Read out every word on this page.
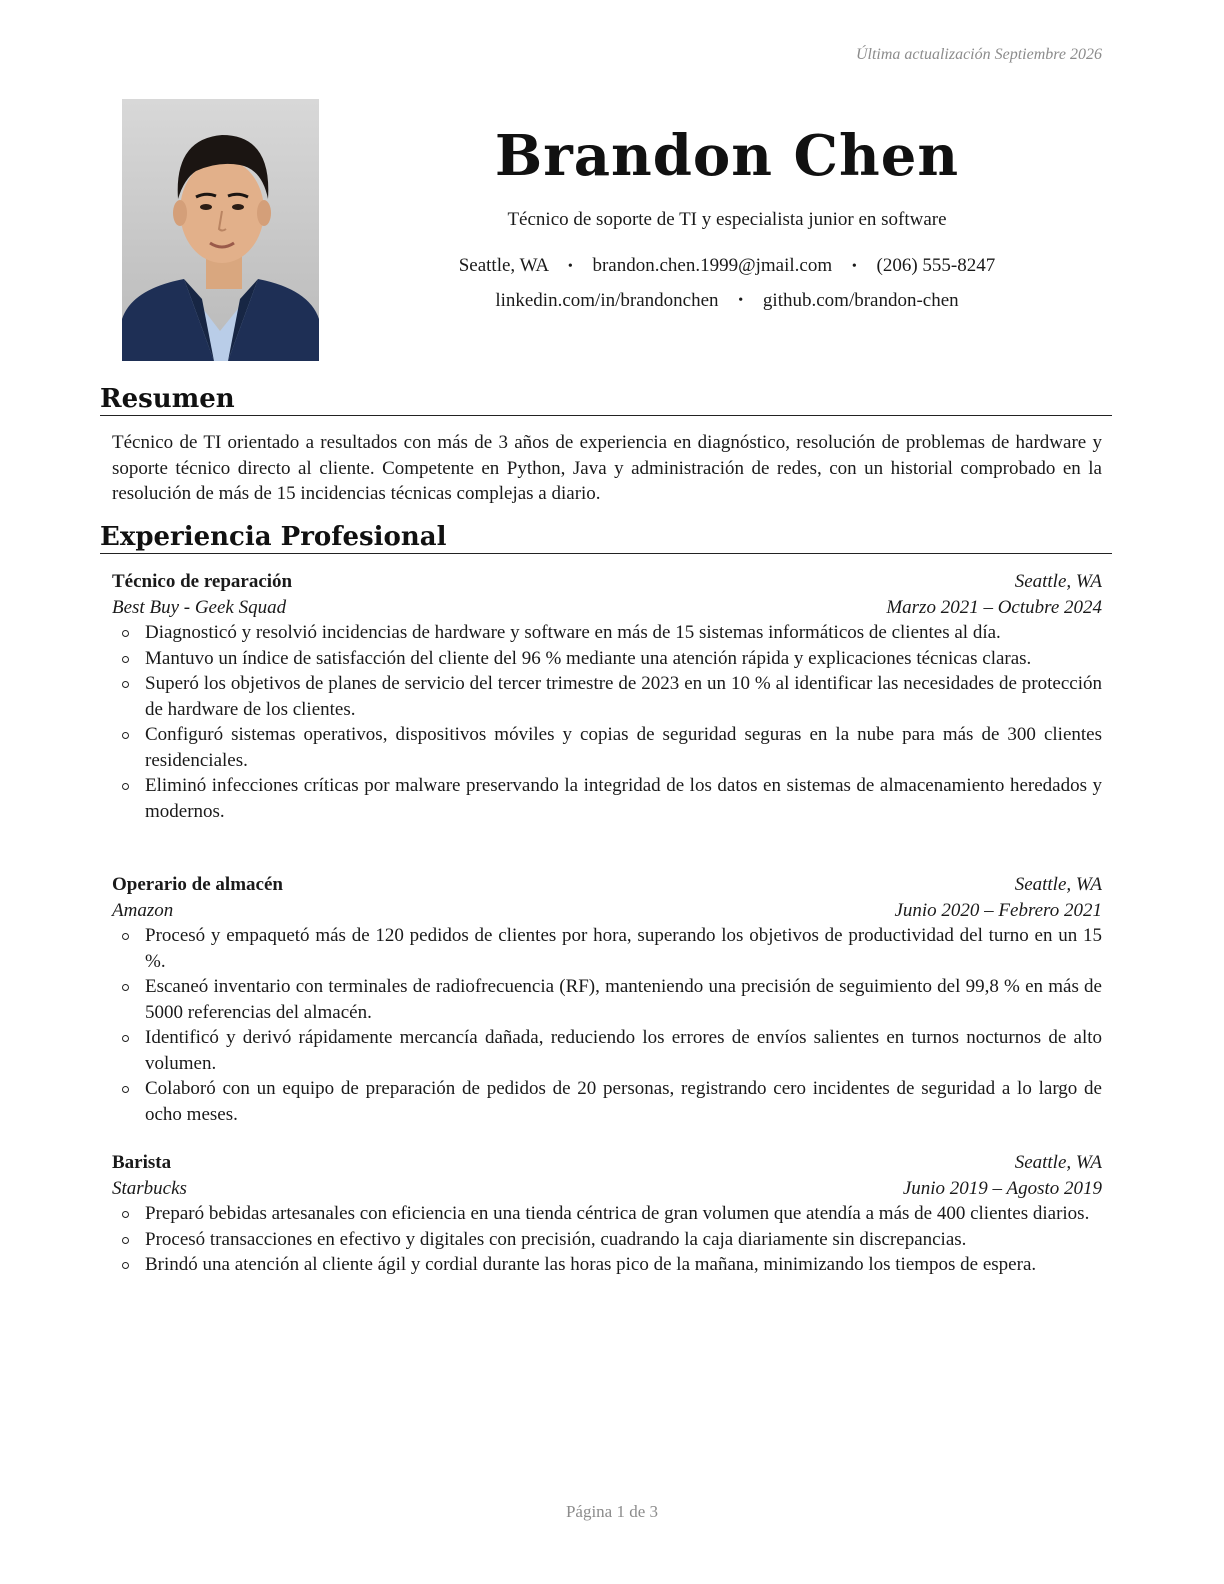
Última actualización Septiembre 2026
Brandon Chen
Técnico de soporte de TI y especialista junior en software
Seattle, WA • brandon.chen.1999@jmail.com • (206) 555-8247
linkedin.com/in/brandonchen • github.com/brandon-chen
Resumen
Técnico de TI orientado a resultados con más de 3 años de experiencia en diagnóstico, resolución de problemas de hardware y soporte técnico directo al cliente. Competente en Python, Java y administración de redes, con un historial comprobado en la resolución de más de 15 incidencias técnicas complejas a diario.
Experiencia Profesional
Técnico de reparación	Seattle, WA
Best Buy - Geek Squad	Marzo 2021 – Octubre 2024
Diagnosticó y resolvió incidencias de hardware y software en más de 15 sistemas informáticos de clientes al día.
Mantuvo un índice de satisfacción del cliente del 96 % mediante una atención rápida y explicaciones técnicas claras.
Superó los objetivos de planes de servicio del tercer trimestre de 2023 en un 10 % al identificar las necesidades de protección de hardware de los clientes.
Configuró sistemas operativos, dispositivos móviles y copias de seguridad seguras en la nube para más de 300 clientes residenciales.
Eliminó infecciones críticas por malware preservando la integridad de los datos en sistemas de almacenamiento heredados y modernos.
Operario de almacén	Seattle, WA
Amazon	Junio 2020 – Febrero 2021
Procesó y empaquetó más de 120 pedidos de clientes por hora, superando los objetivos de productividad del turno en un 15 %.
Escaneó inventario con terminales de radiofrecuencia (RF), manteniendo una precisión de seguimiento del 99,8 % en más de 5000 referencias del almacén.
Identificó y derivó rápidamente mercancía dañada, reduciendo los errores de envíos salientes en turnos nocturnos de alto volumen.
Colaboró con un equipo de preparación de pedidos de 20 personas, registrando cero incidentes de seguridad a lo largo de ocho meses.
Barista	Seattle, WA
Starbucks	Junio 2019 – Agosto 2019
Preparó bebidas artesanales con eficiencia en una tienda céntrica de gran volumen que atendía a más de 400 clientes diarios.
Procesó transacciones en efectivo y digitales con precisión, cuadrando la caja diariamente sin discrepancias.
Brindó una atención al cliente ágil y cordial durante las horas pico de la mañana, minimizando los tiempos de espera.
Página 1 de 3
